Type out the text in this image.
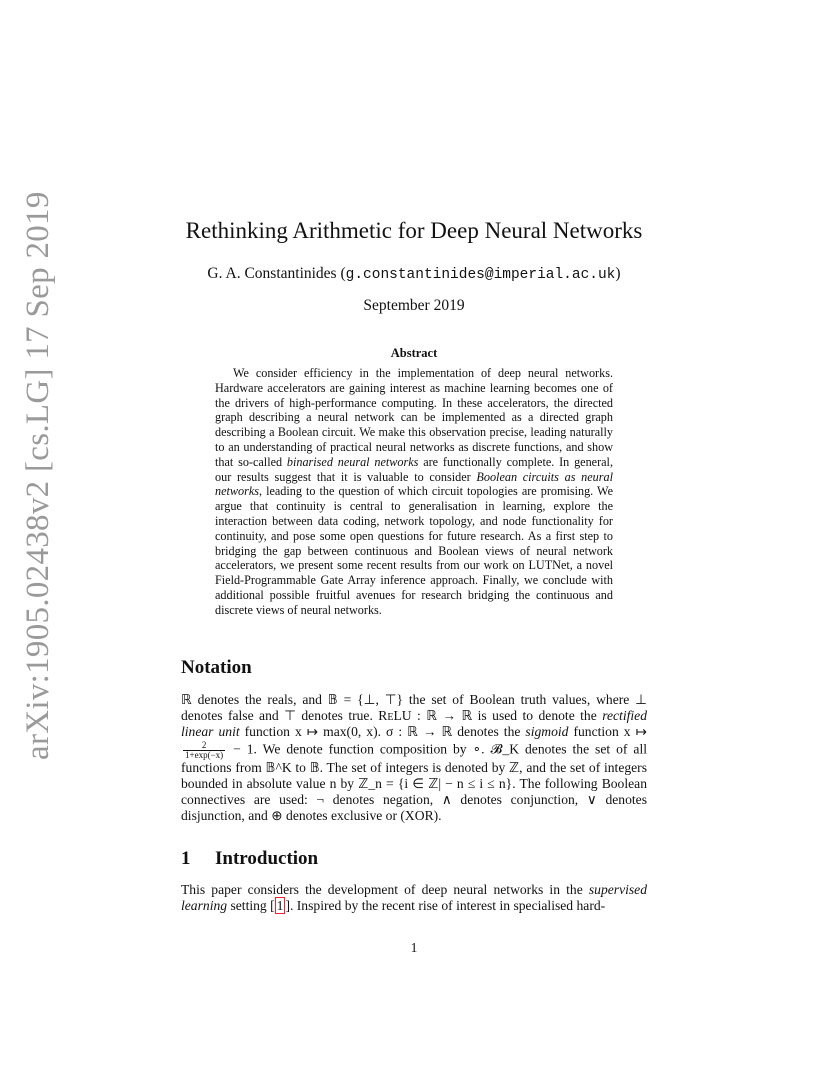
arXiv:1905.02438v2 [cs.LG] 17 Sep 2019	Rethinking Arithmetic for Deep Neural Networks
G. A. Constantinides (g.constantinides@imperial.ac.uk)
September 2019
Abstract
We consider efficiency in the implementation of deep neural networks. Hardware accelerators are gaining interest as machine learning becomes one of the drivers of high-performance computing. In these accelerators, the directed graph describing a neural network can be implemented as a directed graph describing a Boolean circuit. We make this observation precise, leading naturally to an understanding of practical neural networks as discrete functions, and show that so-called binarised neural networks are functionally complete. In general, our results suggest that it is valuable to consider Boolean circuits as neural networks, leading to the question of which circuit topologies are promising. We argue that continuity is central to generalisation in learning, explore the interaction between data coding, network topology, and node functionality for continuity, and pose some open questions for future research. As a first step to bridging the gap between continuous and Boolean views of neural network accelerators, we present some recent results from our work on LUTNet, a novel Field-Programmable Gate Array inference approach. Finally, we conclude with additional possible fruitful avenues for research bridging the continuous and discrete views of neural networks.
Notation
ℝ denotes the reals, and 𝔹 = {⊥, ⊤} the set of Boolean truth values, where ⊥ denotes false and ⊤ denotes true. ReLU : ℝ → ℝ is used to denote the rectified linear unit function x ↦ max(0, x). σ : ℝ → ℝ denotes the sigmoid function x ↦
$\frac{2}{1+\exp(-x)} - 1$. We denote function composition by ∘. 𝓑_K denotes the set of all functions from 𝔹^K to 𝔹. The set of integers is denoted by ℤ, and the set of integers bounded in absolute value n by ℤ_n = {i ∈ ℤ| − n ≤ i ≤ n}. The following Boolean connectives are used: ¬ denotes negation, ∧ denotes conjunction, ∨ denotes disjunction, and ⊕ denotes exclusive or (XOR).
1 Introduction
This paper considers the development of deep neural networks in the supervised learning setting [ 1 ]. Inspired by the recent rise of interest in specialised hard-
1
